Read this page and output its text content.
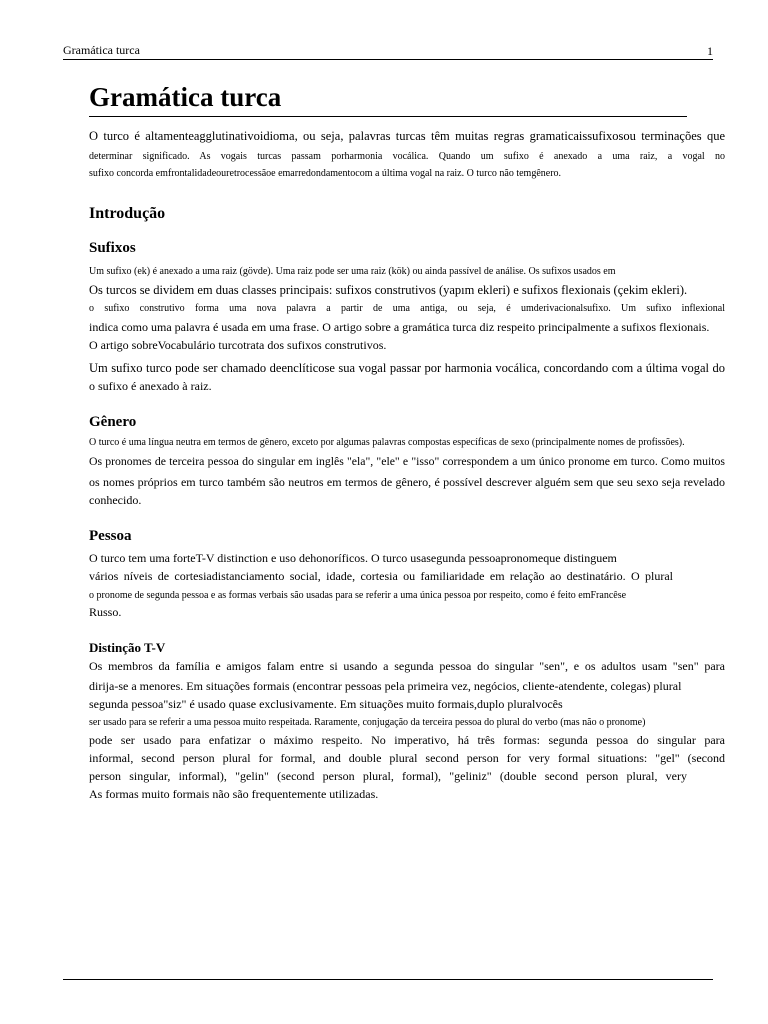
Gramática turca	1
Gramática turca
O turco é altamenteagglutinativoidioma, ou seja, palavras turcas têm muitas regras gramaticaissufixosou terminações que
determinar significado. As vogais turcas passam porharmonia vocálica. Quando um sufixo é anexado a uma raiz, a vogal no
sufixo concorda emfrontalidadeouretrocessãoe emarredondamentocom a última vogal na raiz. O turco não temgênero.
Introdução
Sufixos
Um sufixo (ek) é anexado a uma raiz (gövde). Uma raiz pode ser uma raiz (kök) ou ainda passível de análise. Os sufixos usados em
Os turcos se dividem em duas classes principais: sufixos construtivos (yapım ekleri) e sufixos flexionais (çekim ekleri).
o sufixo construtivo forma uma nova palavra a partir de uma antiga, ou seja, é umderivacionalsufixo. Um sufixo inflexional
indica como uma palavra é usada em uma frase. O artigo sobre a gramática turca diz respeito principalmente a sufixos flexionais.
O artigo sobreVocabulário turcotrata dos sufixos construtivos.
Um sufixo turco pode ser chamado deenclíticose sua vogal passar por harmonia vocálica, concordando com a última vogal do
o sufixo é anexado à raiz.
Gênero
O turco é uma língua neutra em termos de gênero, exceto por algumas palavras compostas específicas de sexo (principalmente nomes de profissões).
Os pronomes de terceira pessoa do singular em inglês "ela", "ele" e "isso" correspondem a um único pronome em turco. Como muitos
os nomes próprios em turco também são neutros em termos de gênero, é possível descrever alguém sem que seu sexo seja revelado
conhecido.
Pessoa
O turco tem uma forteT-V distinction e uso dehonoríficos. O turco usasegunda pessoapronomeque distinguem
vários níveis de cortesiadistanciamento social, idade, cortesia ou familiaridade em relação ao destinatário. O plural
o pronome de segunda pessoa e as formas verbais são usadas para se referir a uma única pessoa por respeito, como é feito emFrancêse
Russo.
Distinção T-V
Os membros da família e amigos falam entre si usando a segunda pessoa do singular "sen", e os adultos usam "sen" para
dirija-se a menores. Em situações formais (encontrar pessoas pela primeira vez, negócios, cliente-atendente, colegas) plural
segunda pessoa"siz" é usado quase exclusivamente. Em situações muito formais,duplo pluralvocês
ser usado para se referir a uma pessoa muito respeitada. Raramente, conjugação da terceira pessoa do plural do verbo (mas não o pronome)
pode ser usado para enfatizar o máximo respeito. No imperativo, há três formas: segunda pessoa do singular para
informal, second person plural for formal, and double plural second person for very formal situations: "gel" (second
person singular, informal), "gelin" (second person plural, formal), "geliniz" (double second person plural, very
As formas muito formais não são frequentemente utilizadas.
